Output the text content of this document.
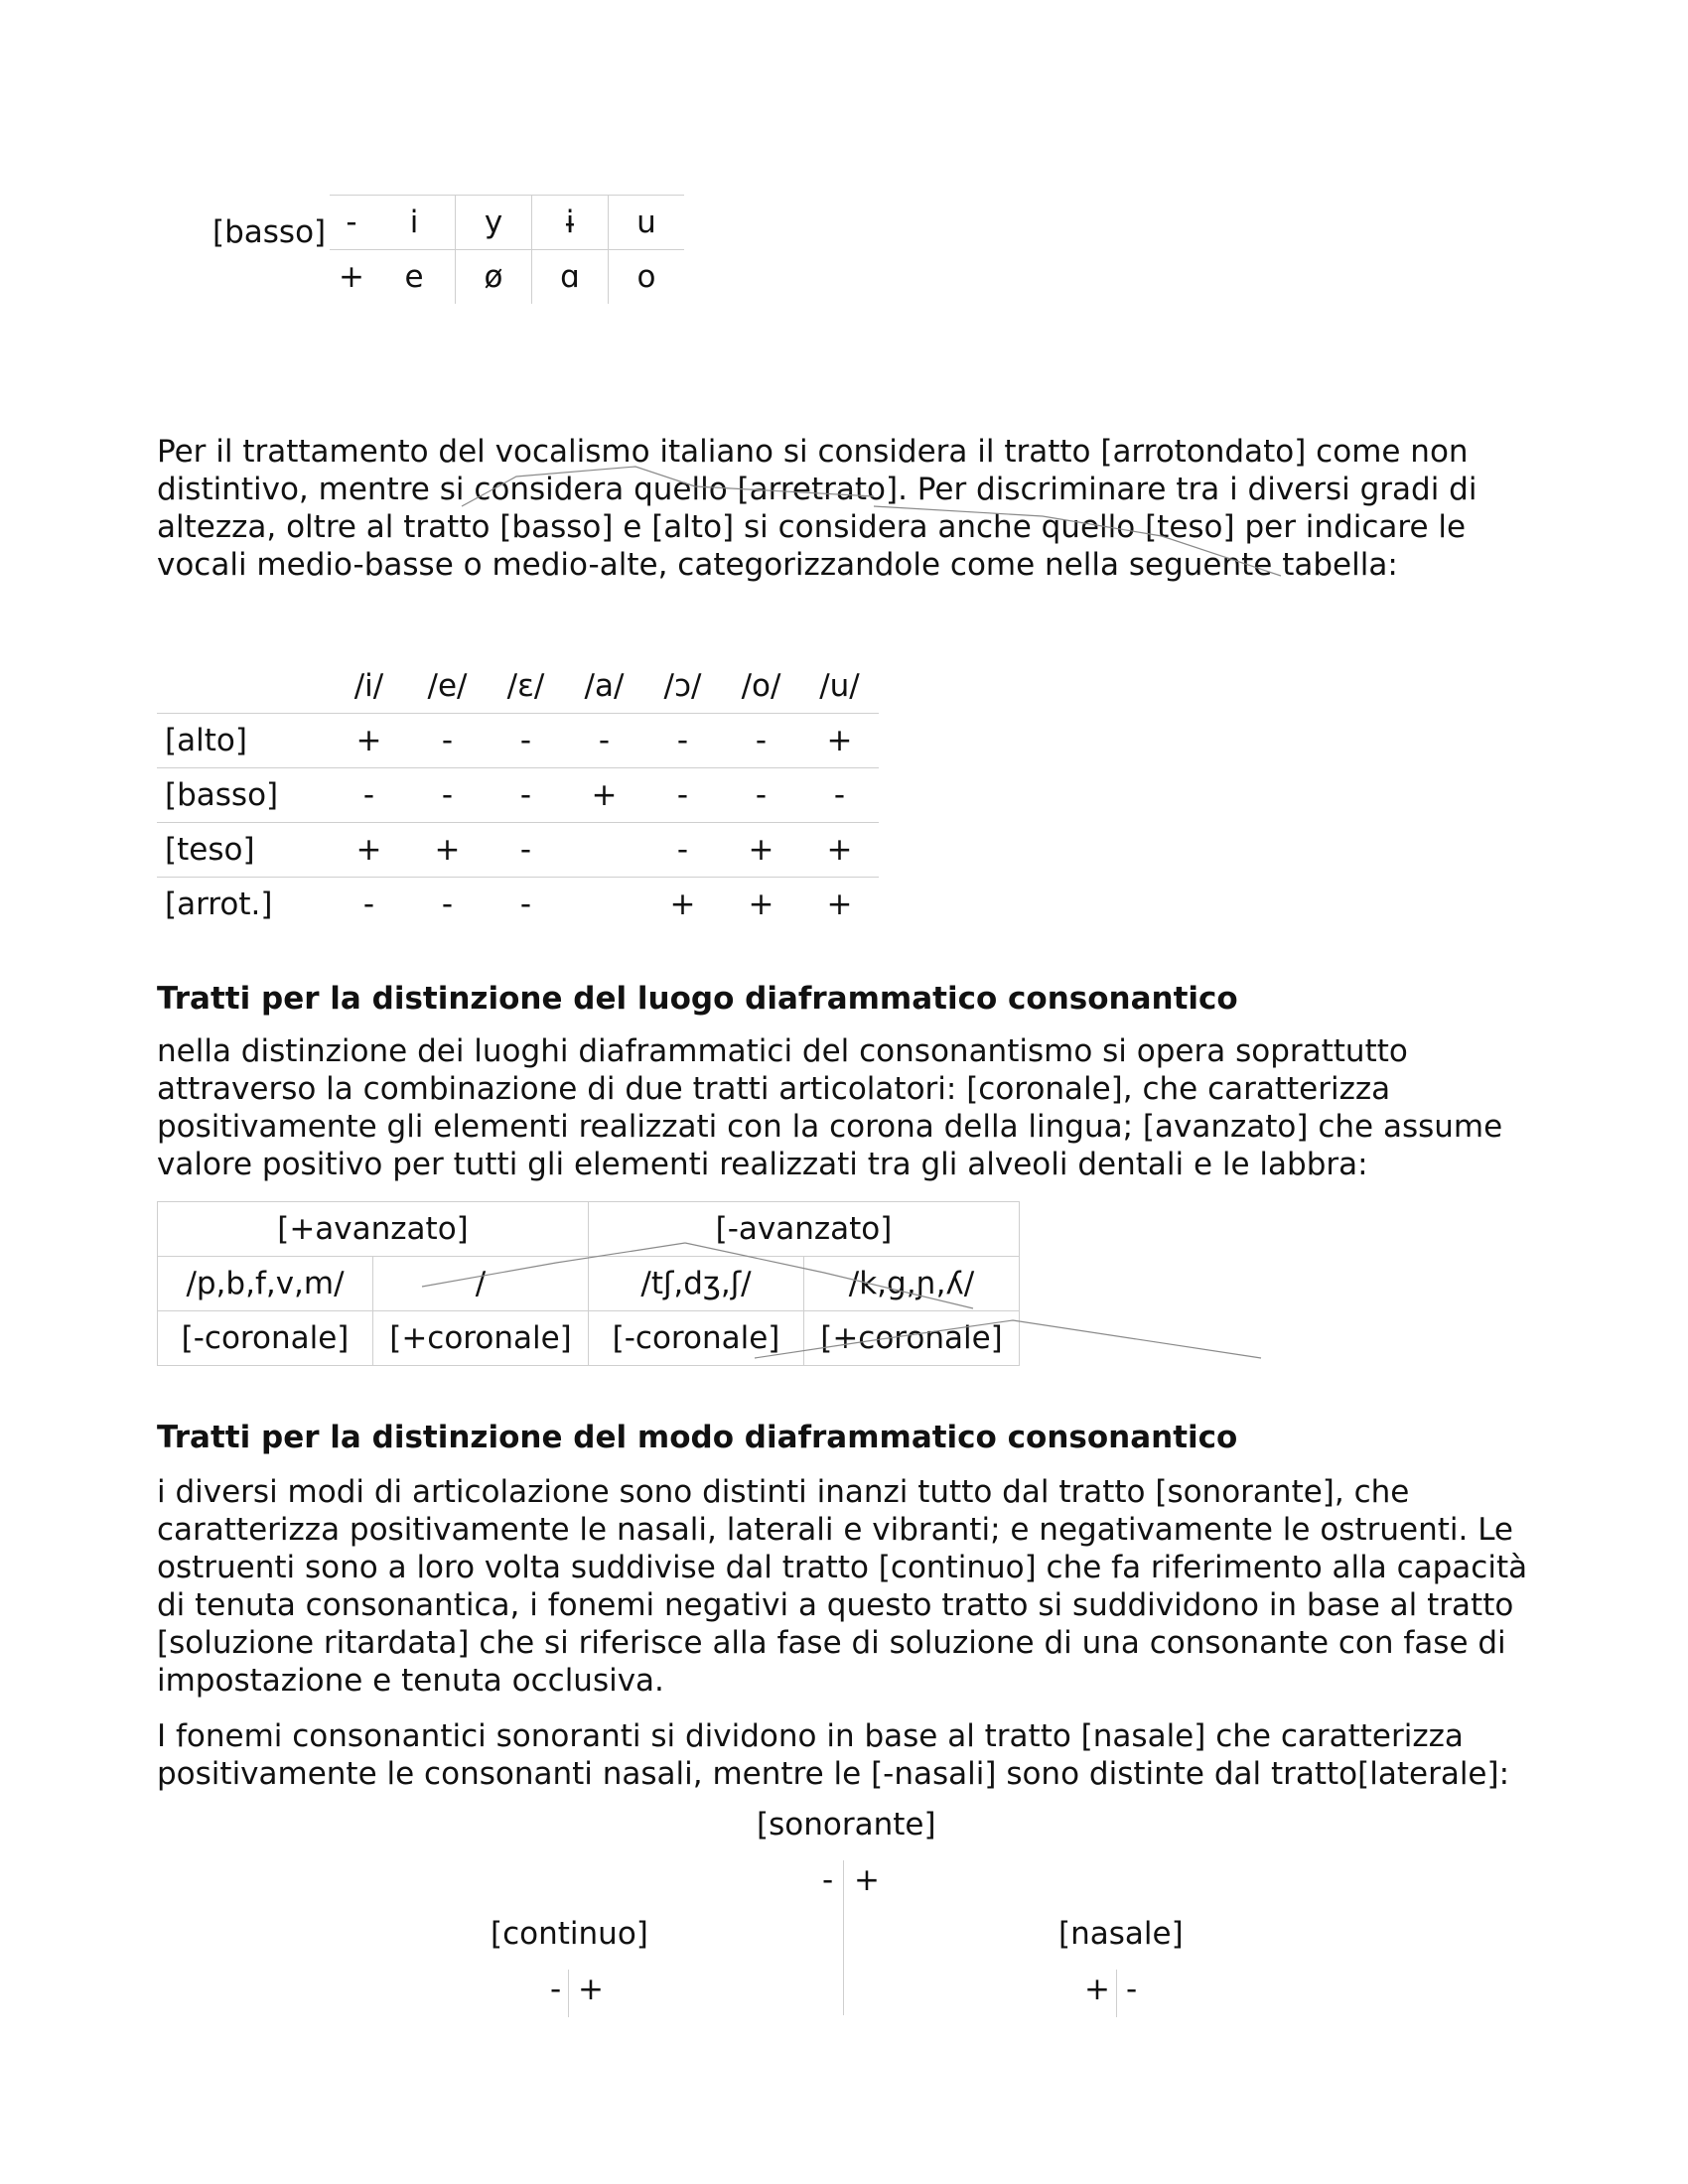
[basso] -	i	y	ɨ	u
+	e	ø	ɑ	o
Per il trattamento del vocalismo italiano si considera il tratto [arrotondato] come non distintivo, mentre si considera quello [arretrato]. Per discriminare tra i diversi gradi di altezza, oltre al tratto [basso] e [alto] si considera anche quello [teso] per indicare le vocali medio-basse o medio-alte, categorizzandole come nella seguente tabella:
	/i/	/e/	/ɛ/	/a/	/ɔ/	/o/	/u/
[alto]	+	-	-	-	-	-	+
[basso]	-	-	-	+	-	-	-
[teso]	+	+	-		-	+	+
[arrot.]	-	-	-		+	+	+
Tratti per la distinzione del luogo diaframmatico consonantico
nella distinzione dei luoghi diaframmatici del consonantismo si opera soprattutto attraverso la combinazione di due tratti articolatori: [coronale], che caratterizza positivamente gli elementi realizzati con la corona della lingua; [avanzato] che assume valore positivo per tutti gli elementi realizzati tra gli alveoli dentali e le labbra:
[+avanzato]		[-avanzato]	
/p,b,f,v,m/	/	/tʃ,dʒ,ʃ/	/k,g,ɲ,ʎ/
[-coronale]	[+coronale]	[-coronale]	[+coronale]
Tratti per la distinzione del modo diaframmatico consonantico
i diversi modi di articolazione sono distinti inanzi tutto dal tratto [sonorante], che caratterizza positivamente le nasali, laterali e vibranti; e negativamente le ostruenti. Le ostruenti sono a loro volta suddivise dal tratto [continuo] che fa riferimento alla capacità di tenuta consonantica, i fonemi negativi a questo tratto si suddividono in base al tratto [soluzione ritardata] che si riferisce alla fase di soluzione di una consonante con fase di impostazione e tenuta occlusiva.
I fonemi consonantici sonoranti si dividono in base al tratto [nasale] che caratterizza positivamente le consonanti nasali, mentre le [-nasali] sono distinte dal tratto[laterale]:
[sonorante]
- +
[continuo]
- +
[nasale]
+ -
